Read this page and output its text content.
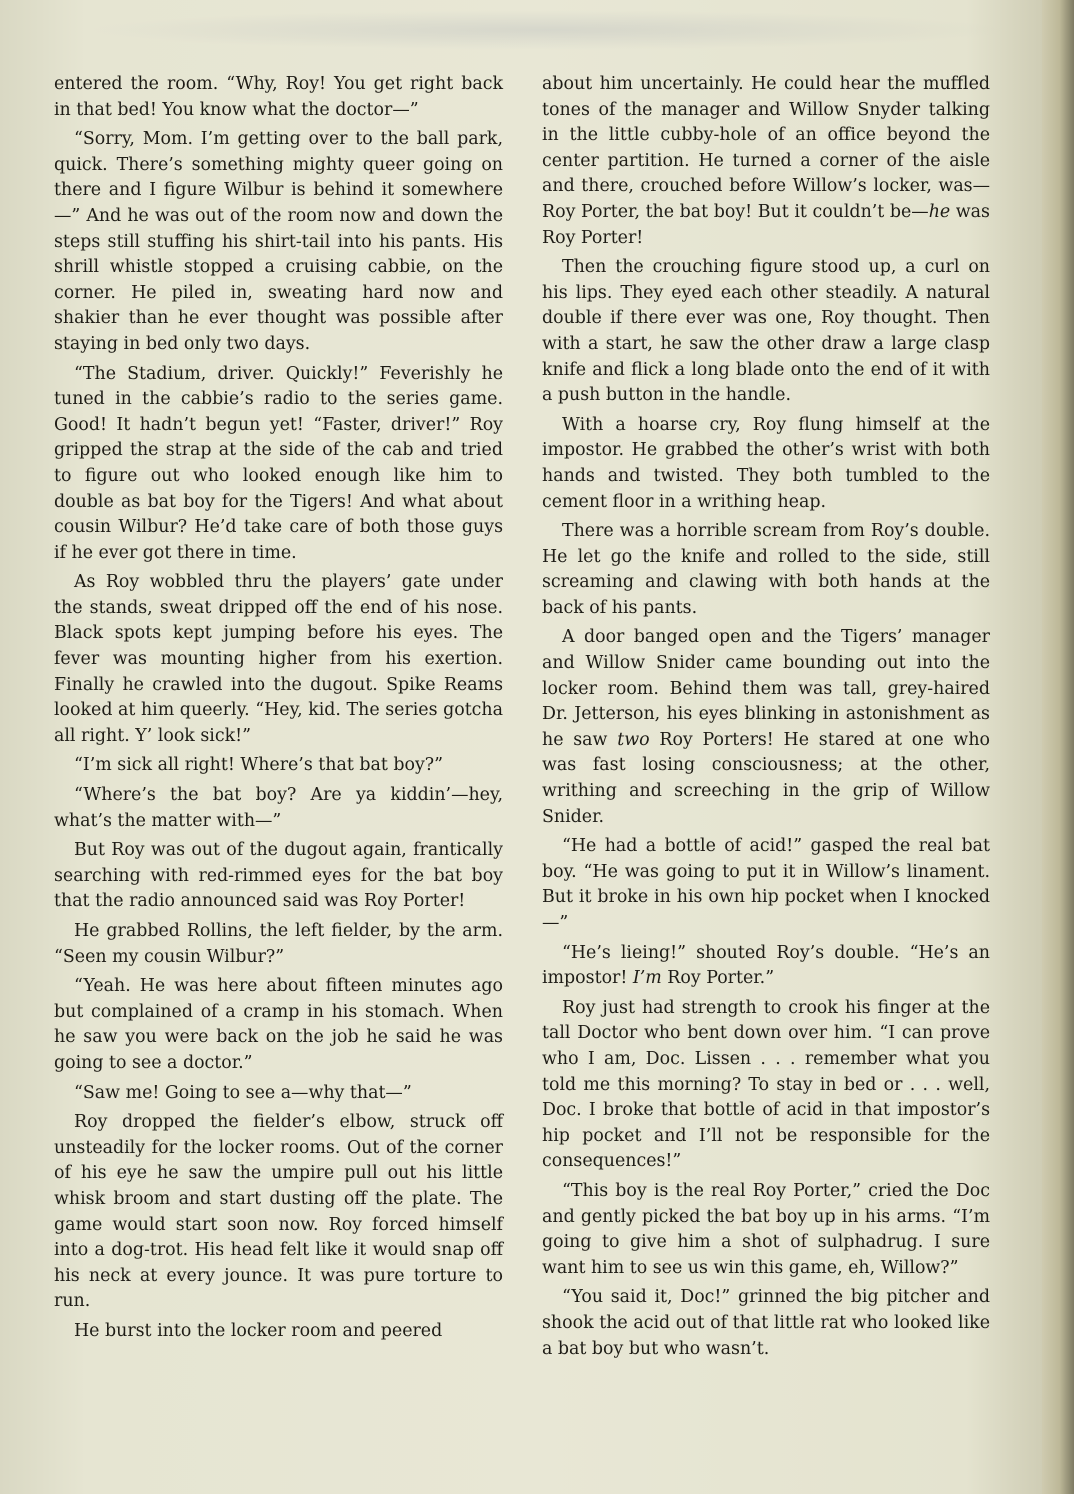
entered the room. “Why, Roy! You get right back in that bed! You know what the doctor—”

“Sorry, Mom. I’m getting over to the ball park, quick. There’s something mighty queer going on there and I figure Wilbur is behind it somewhere—” And he was out of the room now and down the steps still stuffing his shirt-tail into his pants. His shrill whistle stopped a cruising cabbie, on the corner. He piled in, sweating hard now and shakier than he ever thought was possible after staying in bed only two days.

“The Stadium, driver. Quickly!” Feverishly he tuned in the cabbie’s radio to the series game. Good! It hadn’t begun yet! “Faster, driver!” Roy gripped the strap at the side of the cab and tried to figure out who looked enough like him to double as bat boy for the Tigers! And what about cousin Wilbur? He’d take care of both those guys if he ever got there in time.

As Roy wobbled thru the players’ gate under the stands, sweat dripped off the end of his nose. Black spots kept jumping before his eyes. The fever was mounting higher from his exertion. Finally he crawled into the dugout. Spike Reams looked at him queerly. “Hey, kid. The series gotcha all right. Y’ look sick!”

“I’m sick all right! Where’s that bat boy?”

“Where’s the bat boy? Are ya kiddin’—hey, what’s the matter with—”

But Roy was out of the dugout again, frantically searching with red-rimmed eyes for the bat boy that the radio announced said was Roy Porter!

He grabbed Rollins, the left fielder, by the arm. “Seen my cousin Wilbur?”

“Yeah. He was here about fifteen minutes ago but complained of a cramp in his stomach. When he saw you were back on the job he said he was going to see a doctor.”

“Saw me! Going to see a—why that—”

Roy dropped the fielder’s elbow, struck off unsteadily for the locker rooms. Out of the corner of his eye he saw the umpire pull out his little whisk broom and start dusting off the plate. The game would start soon now. Roy forced himself into a dog-trot. His head felt like it would snap off his neck at every jounce. It was pure torture to run.

He burst into the locker room and peered

about him uncertainly. He could hear the muffled tones of the manager and Willow Snyder talking in the little cubby-hole of an office beyond the center partition. He turned a corner of the aisle and there, crouched before Willow’s locker, was—Roy Porter, the bat boy! But it couldn’t be—he was Roy Porter!

Then the crouching figure stood up, a curl on his lips. They eyed each other steadily. A natural double if there ever was one, Roy thought. Then with a start, he saw the other draw a large clasp knife and flick a long blade onto the end of it with a push button in the handle.

With a hoarse cry, Roy flung himself at the impostor. He grabbed the other’s wrist with both hands and twisted. They both tumbled to the cement floor in a writhing heap.

There was a horrible scream from Roy’s double. He let go the knife and rolled to the side, still screaming and clawing with both hands at the back of his pants.

A door banged open and the Tigers’ manager and Willow Snider came bounding out into the locker room. Behind them was tall, grey-haired Dr. Jetterson, his eyes blinking in astonishment as he saw two Roy Porters! He stared at one who was fast losing consciousness; at the other, writhing and screeching in the grip of Willow Snider.

“He had a bottle of acid!” gasped the real bat boy. “He was going to put it in Willow’s linament. But it broke in his own hip pocket when I knocked—”

“He’s lieing!” shouted Roy’s double. “He’s an impostor! I’m Roy Porter.”

Roy just had strength to crook his finger at the tall Doctor who bent down over him. “I can prove who I am, Doc. Lissen . . . remember what you told me this morning? To stay in bed or . . . well, Doc. I broke that bottle of acid in that impostor’s hip pocket and I’ll not be responsible for the consequences!”

“This boy is the real Roy Porter,” cried the Doc and gently picked the bat boy up in his arms. “I’m going to give him a shot of sulphadrug. I sure want him to see us win this game, eh, Willow?”

“You said it, Doc!” grinned the big pitcher and shook the acid out of that little rat who looked like a bat boy but who wasn’t.
